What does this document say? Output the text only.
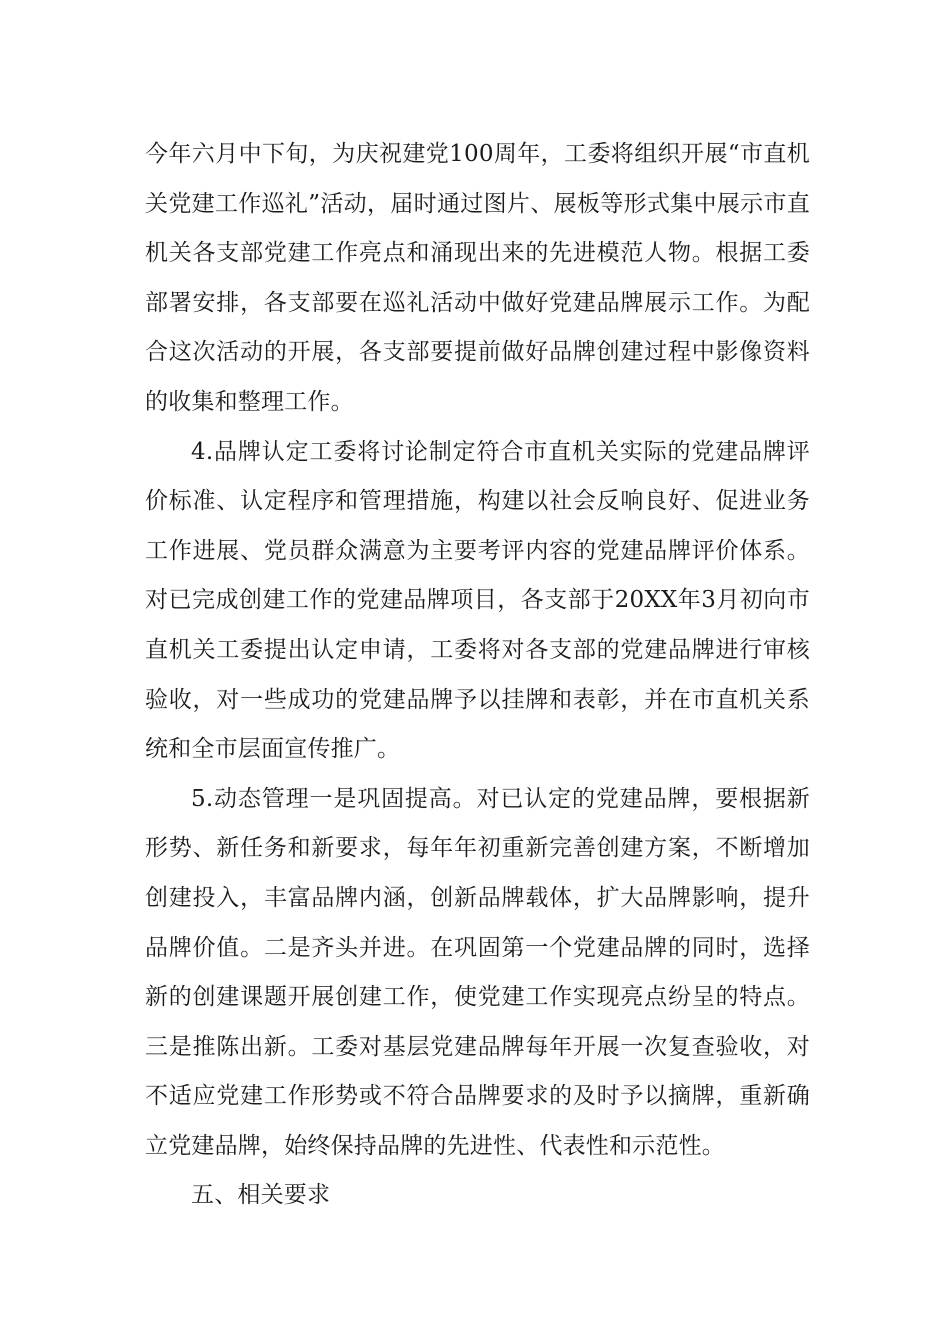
今年六月中下旬，为庆祝建党100周年，工委将组织开展“市直机关党建工作巡礼”活动，届时通过图片、展板等形式集中展示市直机关各支部党建工作亮点和涌现出来的先进模范人物。根据工委部署安排，各支部要在巡礼活动中做好党建品牌展示工作。为配合这次活动的开展，各支部要提前做好品牌创建过程中影像资料的收集和整理工作。

4.品牌认定工委将讨论制定符合市直机关实际的党建品牌评价标准、认定程序和管理措施，构建以社会反响良好、促进业务工作进展、党员群众满意为主要考评内容的党建品牌评价体系。对已完成创建工作的党建品牌项目，各支部于20XX年3月初向市直机关工委提出认定申请，工委将对各支部的党建品牌进行审核验收，对一些成功的党建品牌予以挂牌和表彰，并在市直机关系统和全市层面宣传推广。

5.动态管理一是巩固提高。对已认定的党建品牌，要根据新形势、新任务和新要求，每年年初重新完善创建方案，不断增加创建投入，丰富品牌内涵，创新品牌载体，扩大品牌影响，提升品牌价值。二是齐头并进。在巩固第一个党建品牌的同时，选择新的创建课题开展创建工作，使党建工作实现亮点纷呈的特点。三是推陈出新。工委对基层党建品牌每年开展一次复查验收，对不适应党建工作形势或不符合品牌要求的及时予以摘牌，重新确立党建品牌，始终保持品牌的先进性、代表性和示范性。

五、相关要求
